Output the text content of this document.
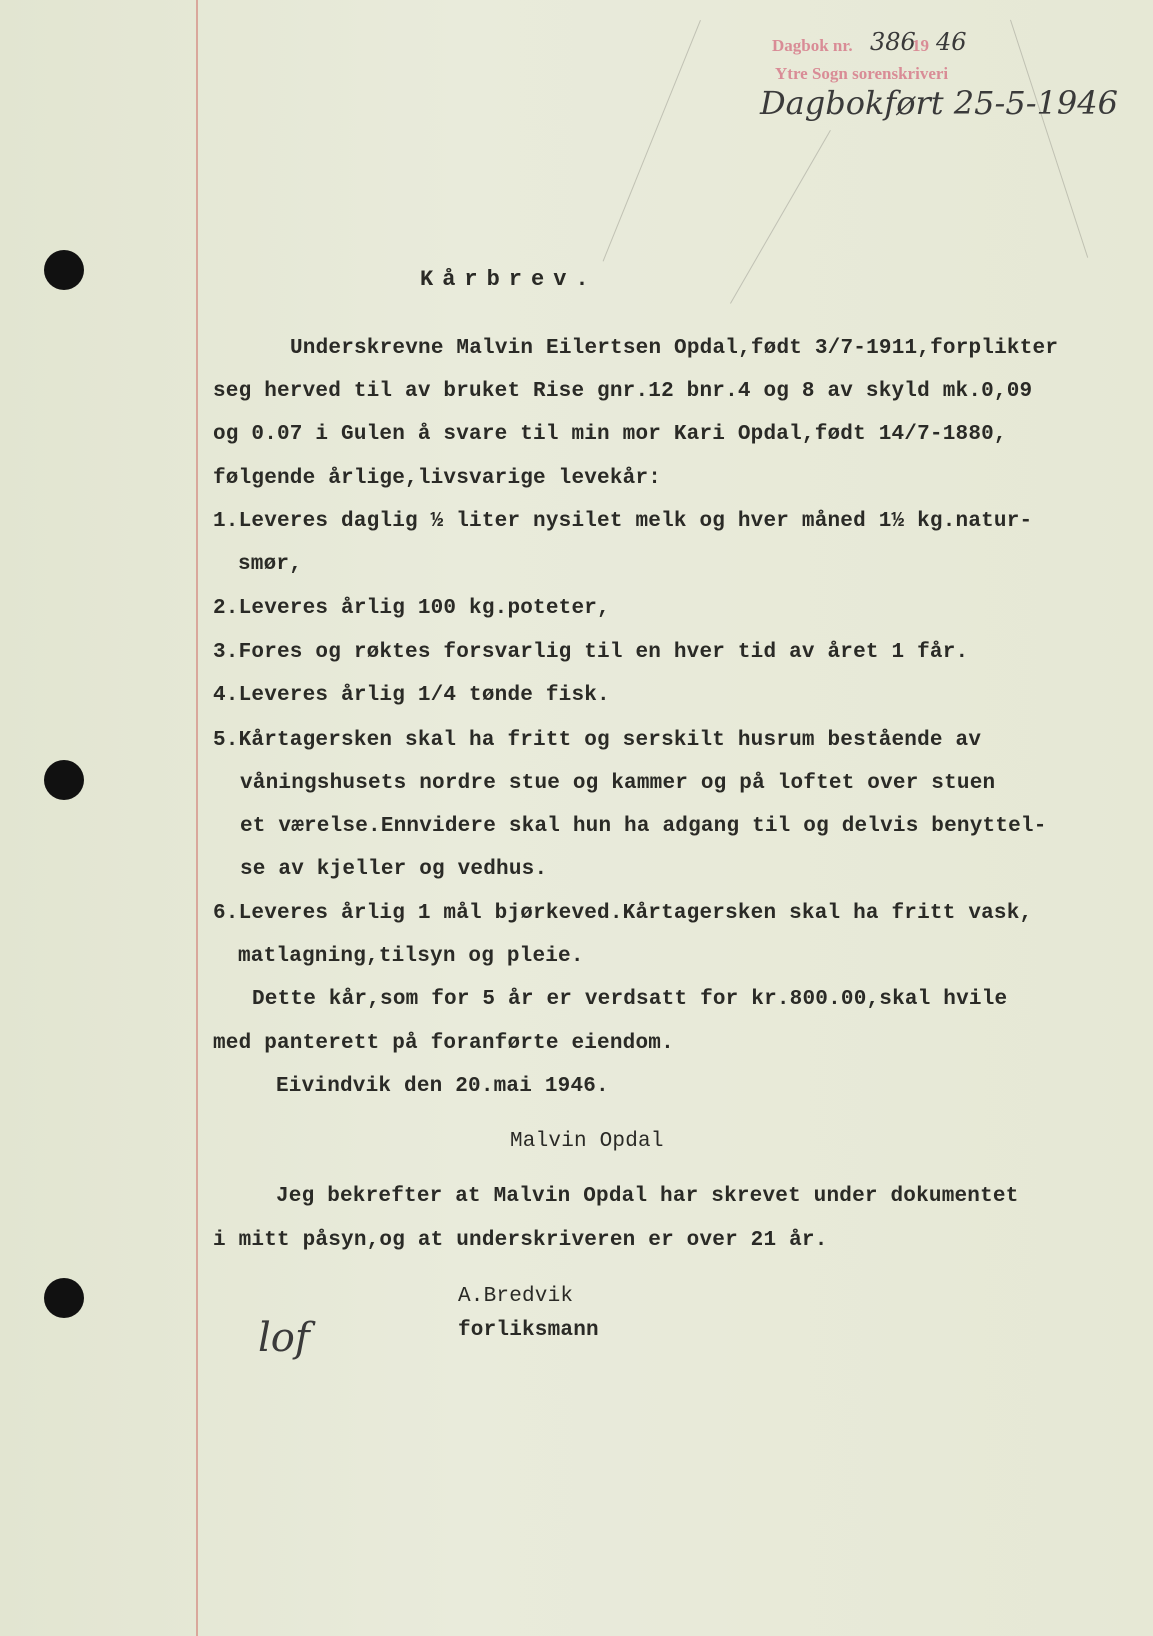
Dagbok nr. 386
19 46
Ytre Sogn sorenskriveri
Dagbokført 25-5-1946
Kårbrev.
Underskrevne Malvin Eilertsen Opdal,født 3/7-1911,forplikter
seg herved til av bruket Rise gnr.12 bnr.4 og 8 av skyld mk.0,09
og 0.07 i Gulen å svare til min mor Kari Opdal,født 14/7-1880,
følgende årlige,livsvarige levekår:
1.Leveres daglig ½ liter nysilet melk og hver måned 1½ kg.natur-
smør,
2.Leveres årlig 100 kg.poteter,
3.Fores og røktes forsvarlig til en hver tid av året 1 får.
4.Leveres årlig 1/4 tønde fisk.
5.Kårtagersken skal ha fritt og serskilt husrum bestående av
våningshusets nordre stue og kammer og på loftet over stuen
et værelse.Ennvidere skal hun ha adgang til og delvis benyttel-
se av kjeller og vedhus.
6.Leveres årlig 1 mål bjørkeved.Kårtagersken skal ha fritt vask,
matlagning,tilsyn og pleie.
Dette kår,som for 5 år er verdsatt for kr.800.00,skal hvile
med panterett på foranførte eiendom.
Eivindvik den 20.mai 1946.
Malvin Opdal
Jeg bekrefter at Malvin Opdal har skrevet under dokumentet
i mitt påsyn,og at underskriveren er over 21 år.
A.Bredvik
forliksmann
lof
